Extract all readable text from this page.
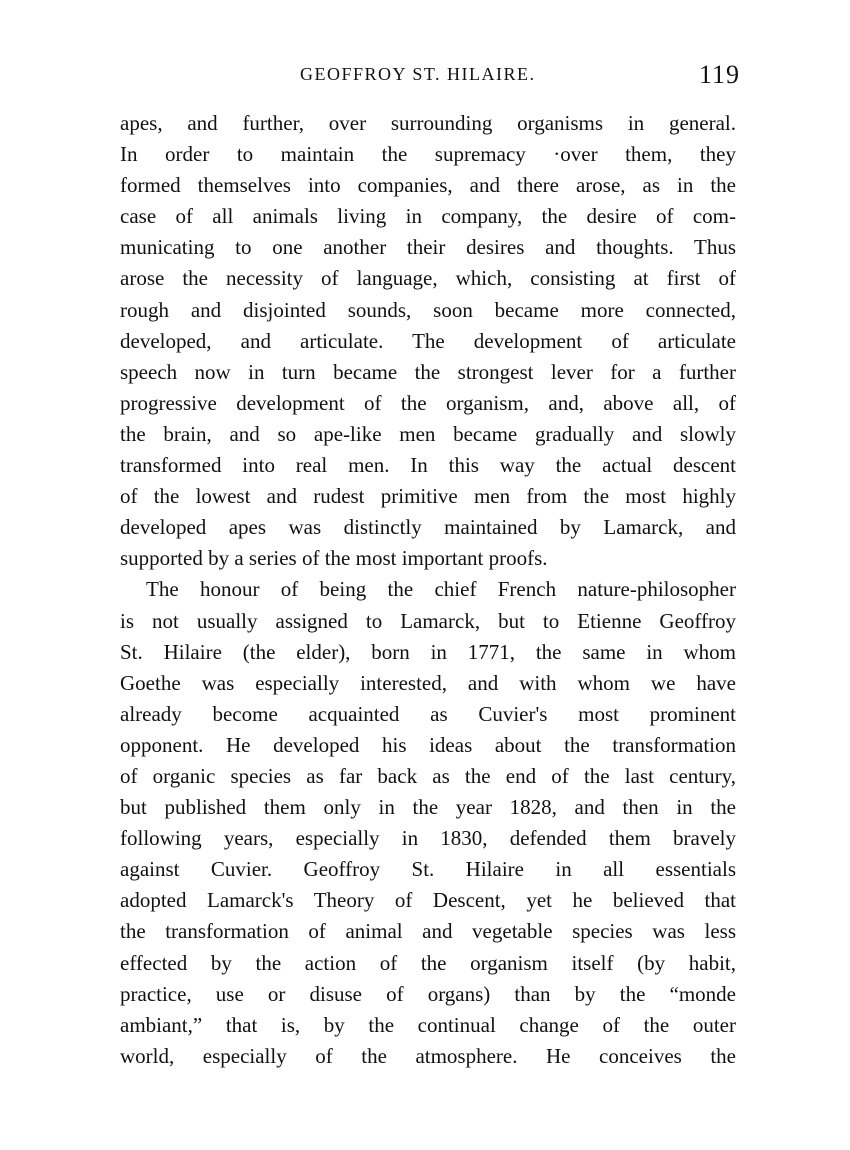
GEOFFROY ST. HILAIRE.	119
apes, and further, over surrounding organisms in general.
In order to maintain the supremacy ·over them, they
formed themselves into companies, and there arose, as in the
case of all animals living in company, the desire of com-
municating to one another their desires and thoughts. Thus
arose the necessity of language, which, consisting at first of
rough and disjointed sounds, soon became more connected,
developed, and articulate. The development of articulate
speech now in turn became the strongest lever for a further
progressive development of the organism, and, above all, of
the brain, and so ape-like men became gradually and slowly
transformed into real men. In this way the actual descent
of the lowest and rudest primitive men from the most highly
developed apes was distinctly maintained by Lamarck, and
supported by a series of the most important proofs.
The honour of being the chief French nature-philosopher
is not usually assigned to Lamarck, but to Etienne Geoffroy
St. Hilaire (the elder), born in 1771, the same in whom
Goethe was especially interested, and with whom we have
already become acquainted as Cuvier's most prominent
opponent. He developed his ideas about the transformation
of organic species as far back as the end of the last century,
but published them only in the year 1828, and then in the
following years, especially in 1830, defended them bravely
against Cuvier. Geoffroy St. Hilaire in all essentials
adopted Lamarck's Theory of Descent, yet he believed that
the transformation of animal and vegetable species was less
effected by the action of the organism itself (by habit,
practice, use or disuse of organs) than by the “monde
ambiant,” that is, by the continual change of the outer
world, especially of the atmosphere. He conceives the
